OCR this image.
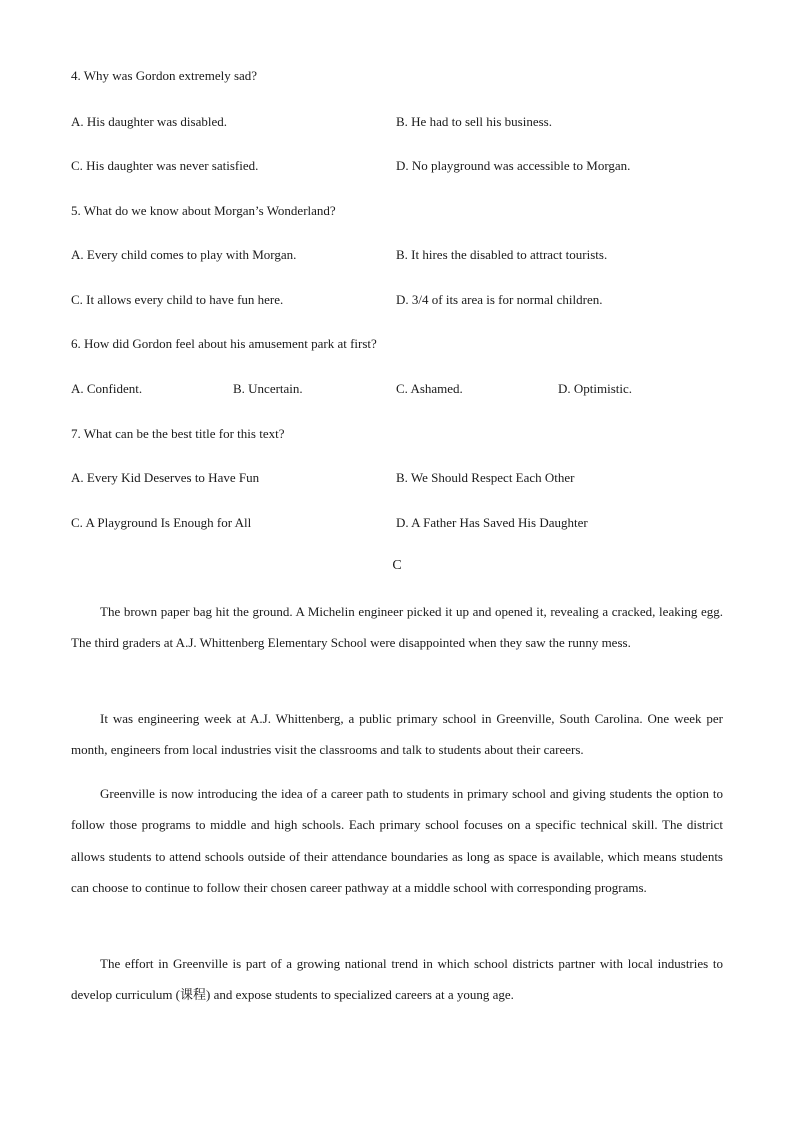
4. Why was Gordon extremely sad?
A. His daughter was disabled.	B. He had to sell his business.
C. His daughter was never satisfied.	D. No playground was accessible to Morgan.
5. What do we know about Morgan’s Wonderland?
A. Every child comes to play with Morgan.	B. It hires the disabled to attract tourists.
C. It allows every child to have fun here.	D. 3/4 of its area is for normal children.
6. How did Gordon feel about his amusement park at first?
A. Confident.	B. Uncertain.	C. Ashamed.	D. Optimistic.
7. What can be the best title for this text?
A. Every Kid Deserves to Have Fun	B. We Should Respect Each Other
C. A Playground Is Enough for All	D. A Father Has Saved His Daughter
C

The brown paper bag hit the ground. A Michelin engineer picked it up and opened it, revealing a cracked, leaking egg. The third graders at A.J. Whittenberg Elementary School were disappointed when they saw the runny mess.

It was engineering week at A.J. Whittenberg, a public primary school in Greenville, South Carolina. One week per month, engineers from local industries visit the classrooms and talk to students about their careers.

Greenville is now introducing the idea of a career path to students in primary school and giving students the option to follow those programs to middle and high schools. Each primary school focuses on a specific technical skill. The district allows students to attend schools outside of their attendance boundaries as long as space is available, which means students can choose to continue to follow their chosen career pathway at a middle school with corresponding programs.

The effort in Greenville is part of a growing national trend in which school districts partner with local industries to develop curriculum (课程) and expose students to specialized careers at a young age.
